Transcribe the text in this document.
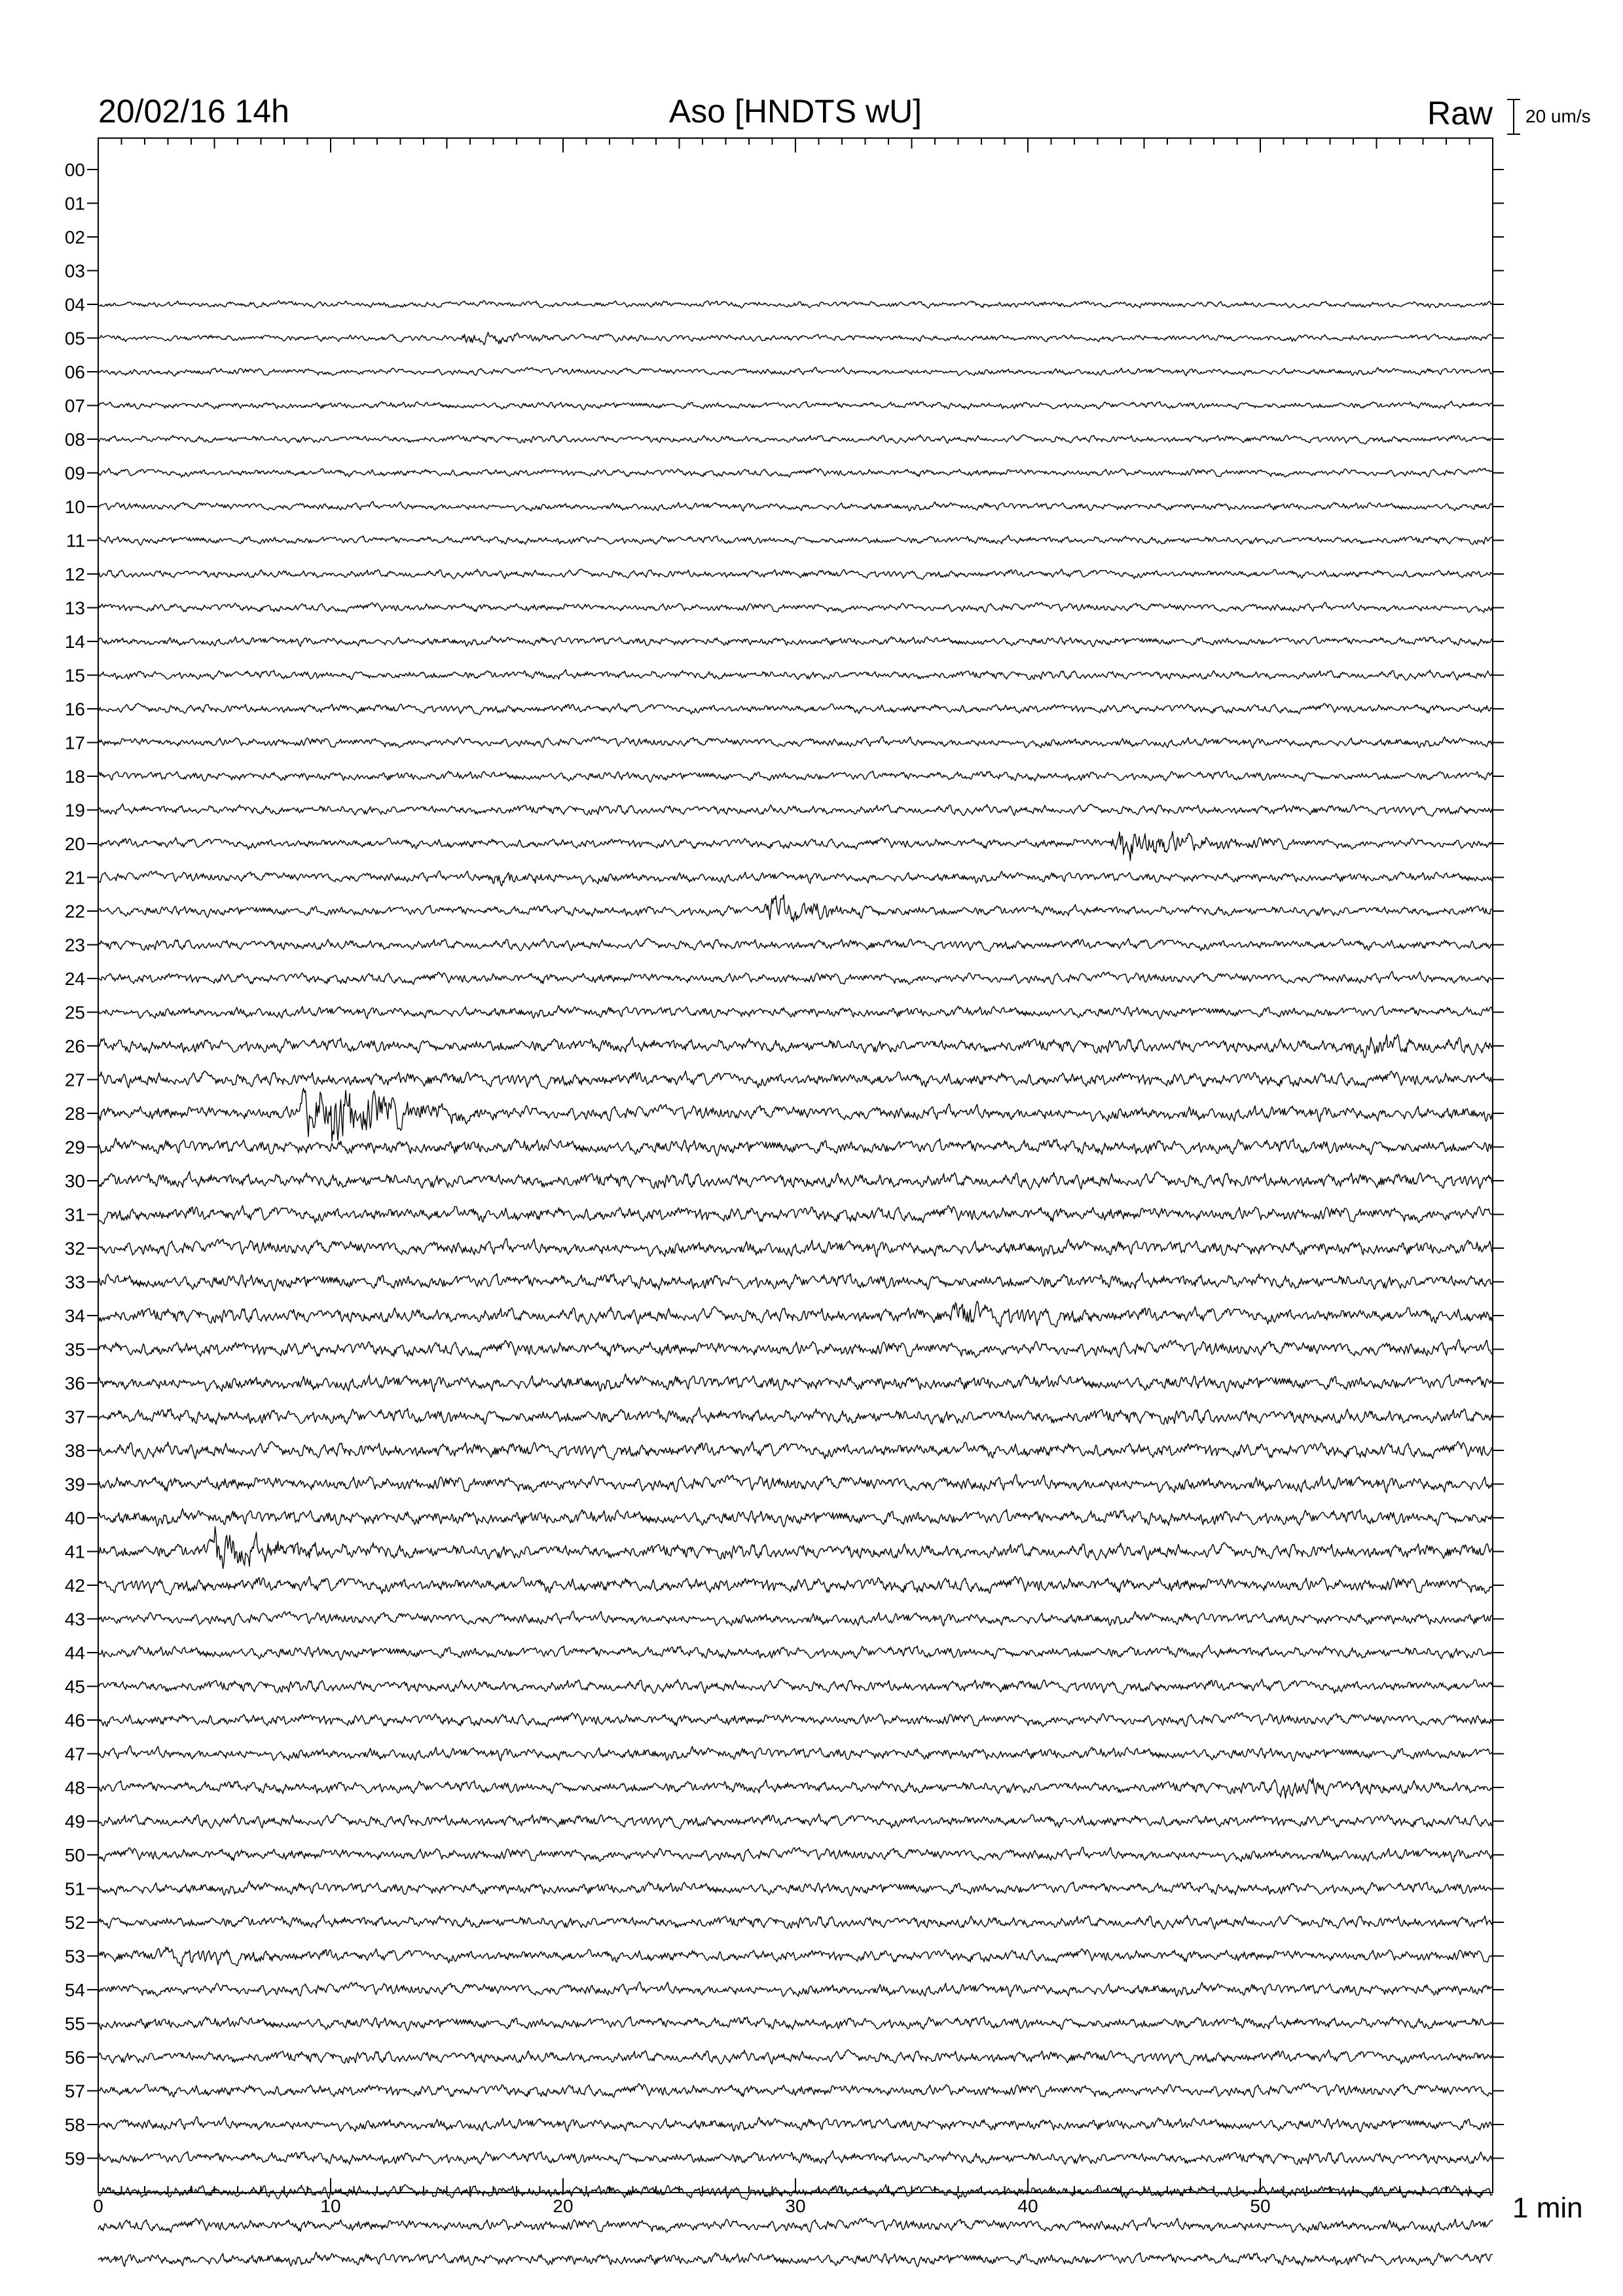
20/02/16 14h	Aso [HNDTS wU]	Raw 20 um/s
00
01
02
03
04
05
06
07
08
09
10
11
12
13
14
15
16
17
18
19
20
21
22
23
24
25
26
27
28
29
30
31
32
33
34
35
36
37
38
39
40
41
42
43
44
45
46
47
48
49
50
51
52
53
54
55
56
57
58
59
0	10	20	30	40	50	1 min
